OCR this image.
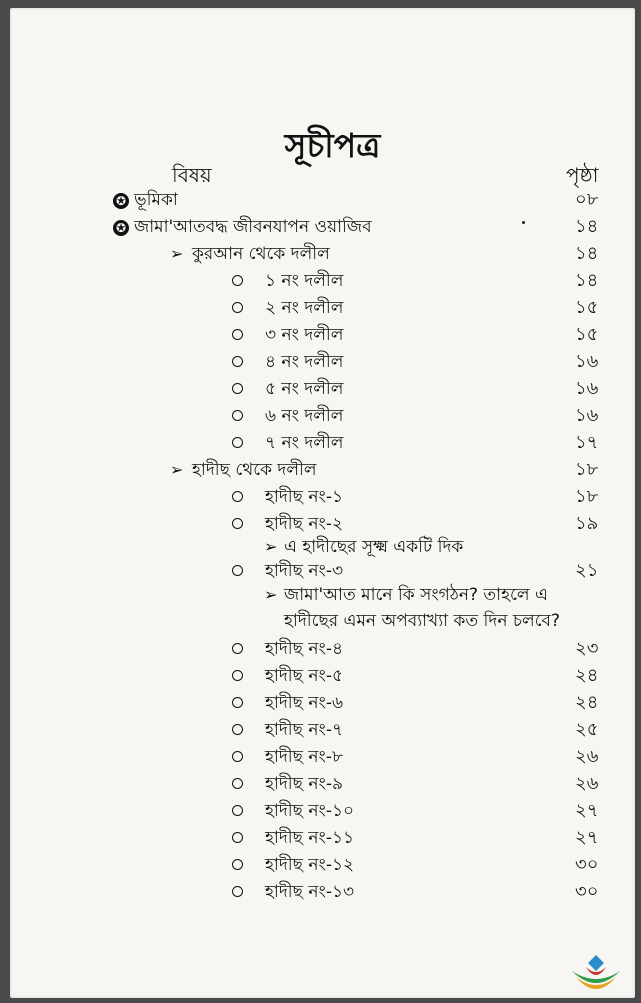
সূচীপত্র
বিষয়	পৃষ্ঠা
✪ ভূমিকা	০৮
✪ জামা'আতবদ্ধ জীবনযাপন ওয়াজিব	১৪
➢ কুরআন থেকে দলীল	১৪
১ নং দলীল	১৪
২ নং দলীল	১৫
৩ নং দলীল	১৫
৪ নং দলীল	১৬
৫ নং দলীল	১৬
৬ নং দলীল	১৬
৭ নং দলীল	১৭
➢ হাদীছ থেকে দলীল	১৮
হাদীছ নং-১	১৮
হাদীছ নং-২	১৯
➢ এ হাদীছের সূক্ষ্ম একটি দিক
হাদীছ নং-৩	২১
➢ জামা'আত মানে কি সংগঠন? তাহলে এ
হাদীছের এমন অপব্যাখ্যা কত দিন চলবে?
হাদীছ নং-৪	২৩
হাদীছ নং-৫	২৪
হাদীছ নং-৬	২৪
হাদীছ নং-৭	২৫
হাদীছ নং-৮	২৬
হাদীছ নং-৯	২৬
হাদীছ নং-১০	২৭
হাদীছ নং-১১	২৭
হাদীছ নং-১২	৩০
হাদীছ নং-১৩	৩০
